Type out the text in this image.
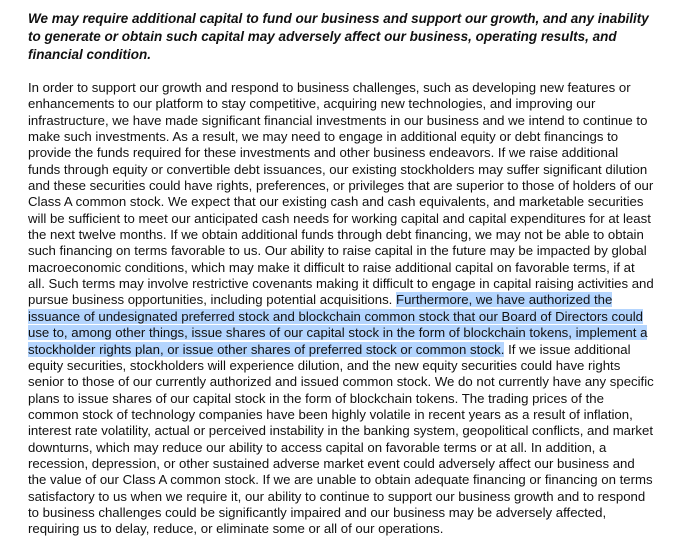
We may require additional capital to fund our business and support our growth, and any inability to generate or obtain such capital may adversely affect our business, operating results, and financial condition.

In order to support our growth and respond to business challenges, such as developing new features or enhancements to our platform to stay competitive, acquiring new technologies, and improving our infrastructure, we have made significant financial investments in our business and we intend to continue to make such investments. As a result, we may need to engage in additional equity or debt financings to provide the funds required for these investments and other business endeavors. If we raise additional funds through equity or convertible debt issuances, our existing stockholders may suffer significant dilution and these securities could have rights, preferences, or privileges that are superior to those of holders of our Class A common stock. We expect that our existing cash and cash equivalents, and marketable securities will be sufficient to meet our anticipated cash needs for working capital and capital expenditures for at least the next twelve months. If we obtain additional funds through debt financing, we may not be able to obtain such financing on terms favorable to us. Our ability to raise capital in the future may be impacted by global macroeconomic conditions, which may make it difficult to raise additional capital on favorable terms, if at all. Such terms may involve restrictive covenants making it difficult to engage in capital raising activities and pursue business opportunities, including potential acquisitions. Furthermore, we have authorized the issuance of undesignated preferred stock and blockchain common stock that our Board of Directors could use to, among other things, issue shares of our capital stock in the form of blockchain tokens, implement a stockholder rights plan, or issue other shares of preferred stock or common stock. If we issue additional equity securities, stockholders will experience dilution, and the new equity securities could have rights senior to those of our currently authorized and issued common stock. We do not currently have any specific plans to issue shares of our capital stock in the form of blockchain tokens. The trading prices of the common stock of technology companies have been highly volatile in recent years as a result of inflation, interest rate volatility, actual or perceived instability in the banking system, geopolitical conflicts, and market downturns, which may reduce our ability to access capital on favorable terms or at all. In addition, a recession, depression, or other sustained adverse market event could adversely affect our business and the value of our Class A common stock. If we are unable to obtain adequate financing or financing on terms satisfactory to us when we require it, our ability to continue to support our business growth and to respond to business challenges could be significantly impaired and our business may be adversely affected, requiring us to delay, reduce, or eliminate some or all of our operations.
